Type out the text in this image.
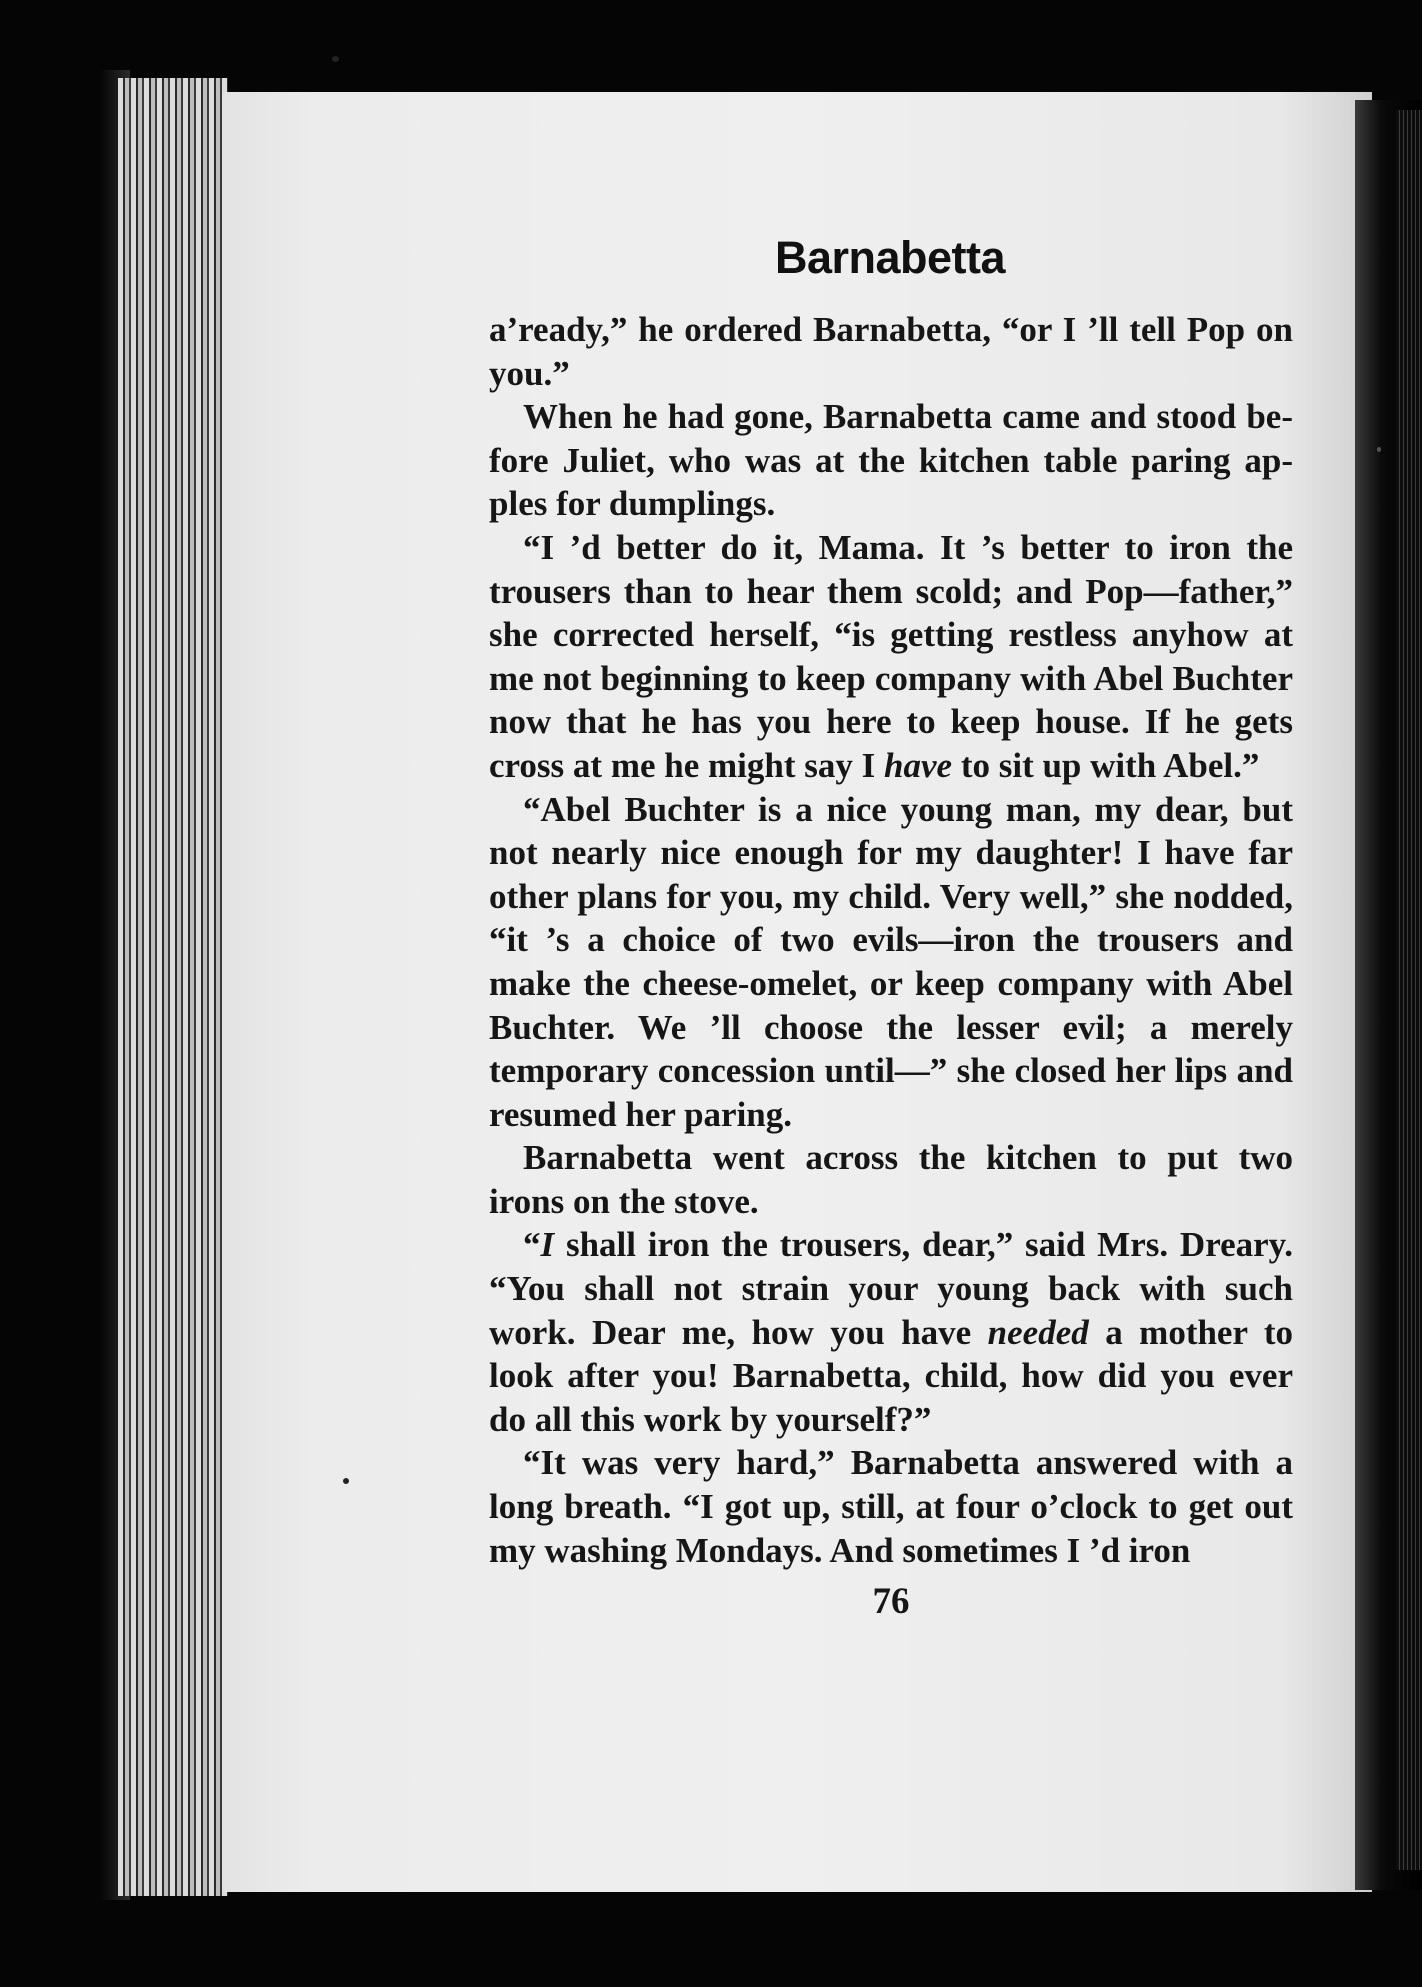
Barnabetta

a’ready,” he ordered Barnabetta, “or I ’ll tell Pop on you.”

When he had gone, Barnabetta came and stood before Juliet, who was at the kitchen table paring apples for dumplings.

“I ’d better do it, Mama. It ’s better to iron the trousers than to hear them scold; and Pop—father,” she corrected herself, “is getting restless anyhow at me not beginning to keep company with Abel Buchter now that he has you here to keep house. If he gets cross at me he might say I have to sit up with Abel.”

“Abel Buchter is a nice young man, my dear, but not nearly nice enough for my daughter! I have far other plans for you, my child. Very well,” she nodded, “it ’s a choice of two evils—iron the trousers and make the cheese-omelet, or keep company with Abel Buchter. We ’ll choose the lesser evil; a merely temporary concession until—” she closed her lips and resumed her paring.

Barnabetta went across the kitchen to put two irons on the stove.

“I shall iron the trousers, dear,” said Mrs. Dreary. “You shall not strain your young back with such work. Dear me, how you have needed a mother to look after you! Barnabetta, child, how did you ever do all this work by yourself?”

“It was very hard,” Barnabetta answered with a long breath. “I got up, still, at four o’clock to get out my washing Mondays. And sometimes I ’d iron

76
